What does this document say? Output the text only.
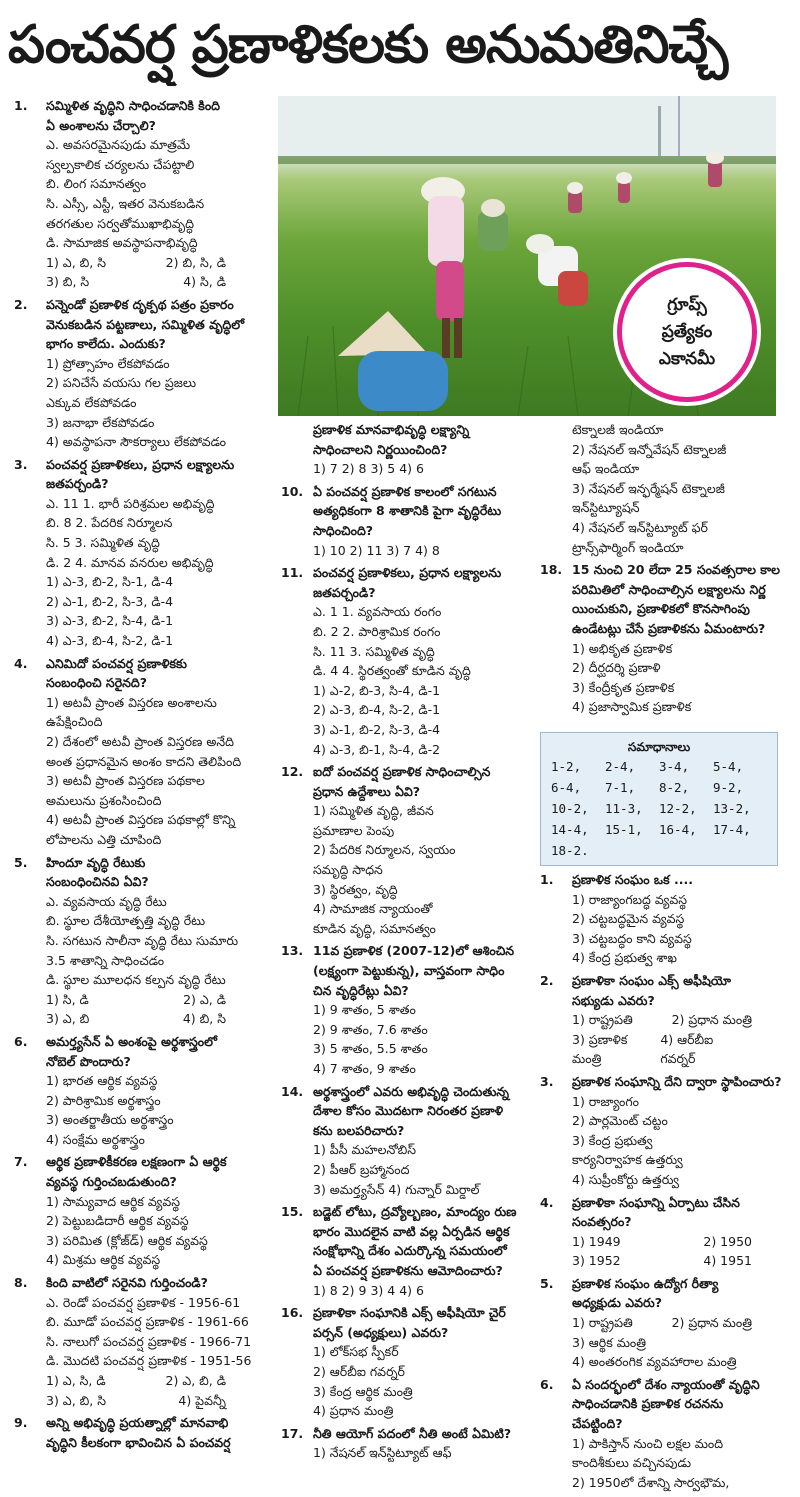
పంచవర్ష ప్రణాళికలకు అనుమతినిచ్చే
గ్రూప్స్
ప్రత్యేకం
ఎకానమీ
1.	సమ్మిళిత వృద్ధిని సాధించడానికి కింది
ఏ అంశాలను చేర్చాలి?
ఎ. అవసరమైనపుడు మాత్రమే
స్వల్పకాలిక చర్యలను చేపట్టాలి
బి. లింగ సమానత్వం
సి. ఎస్సీ, ఎస్టీ, ఇతర వెనుకబడిన
తరగతుల సర్వతోముఖాభివృద్ధి
డి. సామాజిక అవస్థాపనాభివృద్ధి
1) ఎ, బి, సి	2) బి, సి, డి
3) బి, సి	4) సి, డి
2.	పన్నెండో ప్రణాళిక దృక్పథ పత్రం ప్రకారం
వెనుకబడిన పట్టణాలు, సమ్మిళిత వృద్ధిలో
భాగం కాలేదు. ఎందుకు?
1) ప్రోత్సాహం లేకపోవడం
2) పనిచేసే వయసు గల ప్రజలు
ఎక్కువ లేకపోవడం
3) జనాభా లేకపోవడం
4) అవస్థాపనా సౌకర్యాలు లేకపోవడం
3.	పంచవర్ష ప్రణాళికలు, ప్రధాన లక్ష్యాలను
జతపర్చండి?
ఎ. 11 1. భారీ పరిశ్రమల అభివృద్ధి
బి. 8 2. పేదరిక నిర్మూలన
సి. 5 3. సమ్మిళిత వృద్ధి
డి. 2 4. మానవ వనరుల అభివృద్ధి
1) ఎ-3, బి-2, సి-1, డి-4
2) ఎ-1, బి-2, సి-3, డి-4
3) ఎ-3, బి-2, సి-4, డి-1
4) ఎ-3, బి-4, సి-2, డి-1
4.	ఎనిమిదో పంచవర్ష ప్రణాళికకు
సంబంధించి సరైనది?
1) అటవీ ప్రాంత విస్తరణ అంశాలను
ఉపేక్షించింది
2) దేశంలో అటవీ ప్రాంత విస్తరణ అనేది
అంత ప్రధానమైన అంశం కాదని తెలిపింది
3) అటవీ ప్రాంత విస్తరణ పథకాల
అమలును ప్రశంసించింది
4) అటవీ ప్రాంత విస్తరణ పథకాల్లో కొన్ని
లోపాలను ఎత్తి చూపింది
5.	హిందూ వృద్ధి రేటుకు
సంబంధించినవి ఏవి?
ఎ. వ్యవసాయ వృద్ధి రేటు
బి. స్థూల దేశీయోత్పత్తి వృద్ధి రేటు
సి. సగటున సాలీనా వృద్ధి రేటు సుమారు
3.5 శాతాన్ని సాధించడం
డి. స్థూల మూలధన కల్పన వృద్ధి రేటు
1) సి, డి	2) ఎ, డి
3) ఎ, బి	4) బి, సి
6.	అమర్త్యసేన్ ఏ అంశంపై అర్థశాస్త్రంలో
నోబెల్ పొందారు?
1) భారత ఆర్థిక వ్యవస్థ
2) పారిశ్రామిక అర్థశాస్త్రం
3) అంతర్జాతీయ అర్థశాస్త్రం
4) సంక్షేమ అర్థశాస్త్రం
7.	ఆర్థిక ప్రణాళికీకరణ లక్షణంగా ఏ ఆర్థిక
వ్యవస్థ గుర్తించబడుతుంది?
1) సామ్యవాద ఆర్థిక వ్యవస్థ
2) పెట్టుబడిదారీ ఆర్థిక వ్యవస్థ
3) పరిమిత (క్లోజ్‌డ్) ఆర్థిక వ్యవస్థ
4) మిశ్రమ ఆర్థిక వ్యవస్థ
8.	కింది వాటిలో సరైనవి గుర్తించండి?
ఎ. రెండో పంచవర్ష ప్రణాళిక - 1956-61
బి. మూడో పంచవర్ష ప్రణాళిక - 1961-66
సి. నాలుగో పంచవర్ష ప్రణాళిక - 1966-71
డి. మొదటి పంచవర్ష ప్రణాళిక - 1951-56
1) ఎ, సి, డి	2) ఎ, బి, డి
3) ఎ, బి, సి	4) పైవన్నీ
9.	అన్ని అభివృద్ధి ప్రయత్నాల్లో మానవాభి
వృద్ధిని కీలకంగా భావించిన ఏ పంచవర్ష
ప్రణాళిక మానవాభివృద్ధి లక్ష్యాన్ని
సాధించాలని నిర్ణయించింది?
1) 7 2) 8 3) 5 4) 6
10. ఏ పంచవర్ష ప్రణాళిక కాలంలో సగటున
అత్యధికంగా 8 శాతానికి పైగా వృద్ధిరేటు
సాధించింది?
1) 10 2) 11 3) 7 4) 8
11. పంచవర్ష ప్రణాళికలు, ప్రధాన లక్ష్యాలను
జతపర్చండి?
ఎ. 1 1. వ్యవసాయ రంగం
బి. 2 2. పారిశ్రామిక రంగం
సి. 11 3. సమ్మిళిత వృద్ధి
డి. 4 4. స్థిరత్వంతో కూడిన వృద్ధి
1) ఎ-2, బి-3, సి-4, డి-1
2) ఎ-3, బి-4, సి-2, డి-1
3) ఎ-1, బి-2, సి-3, డి-4
4) ఎ-3, బి-1, సి-4, డి-2
12. ఐదో పంచవర్ష ప్రణాళిక సాధించాల్సిన
ప్రధాన ఉద్దేశాలు ఏవి?
1) సమ్మిళిత వృద్ధి, జీవన
ప్రమాణాల పెంపు
2) పేదరిక నిర్మూలన, స్వయం
సమృద్ధి సాధన
3) స్థిరత్వం, వృద్ధి
4) సామాజిక న్యాయంతో
కూడిన వృద్ధి, సమానత్వం
13. 11వ ప్రణాళిక (2007-12)లో ఆశించిన
(లక్ష్యంగా పెట్టుకున్న), వాస్తవంగా సాధిం
చిన వృద్ధిరేట్లు ఏవి?
1) 9 శాతం, 5 శాతం
2) 9 శాతం, 7.6 శాతం
3) 5 శాతం, 5.5 శాతం
4) 7 శాతం, 9 శాతం
14. అర్థశాస్త్రంలో ఎవరు అభివృద్ధి చెందుతున్న
దేశాల కోసం మొదటగా నిరంతర ప్రణాళి
కను బలపరిచారు?
1) పీసీ మహలనోబిస్
2) పీఆర్ బ్రహ్మానంద
3) అమర్త్యసేన్ 4) గున్నార్ మిర్డాల్
15. బడ్జెట్ లోటు, ద్రవ్యోల్బణం, మాంద్యం రుణ
భారం మొదలైన వాటి వల్ల ఏర్పడిన ఆర్థిక
సంక్షోభాన్ని దేశం ఎదుర్కొన్న సమయంలో
ఏ పంచవర్ష ప్రణాళికను ఆమోదించారు?
1) 8 2) 9 3) 4 4) 6
16. ప్రణాళికా సంఘానికి ఎక్స్ అఫీషియో చైర్
పర్సన్ (అధ్యక్షులు) ఎవరు?
1) లోక్‌సభ స్పీకర్
2) ఆర్‌బీఐ గవర్నర్
3) కేంద్ర ఆర్థిక మంత్రి
4) ప్రధాన మంత్రి
17. నీతి ఆయోగ్ పదంలో నీతి అంటే ఏమిటి?
1) నేషనల్ ఇన్‌స్టిట్యూట్ ఆఫ్
టెక్నాలజీ ఇండియా
2) నేషనల్ ఇన్నోవేషన్ టెక్నాలజీ
ఆఫ్ ఇండియా
3) నేషనల్ ఇన్ఫర్మేషన్ టెక్నాలజీ
ఇన్‌స్టిట్యూషన్
4) నేషనల్ ఇన్‌స్టిట్యూట్ ఫర్
ట్రాన్స్‌ఫార్మింగ్ ఇండియా
18. 15 నుంచి 20 లేదా 25 సంవత్సరాల కాల
పరిమితిలో సాధించాల్సిన లక్ష్యాలను నిర్ణ
యించుకుని, ప్రణాళికలో కొనసాగింపు
ఉండేటట్లు చేసే ప్రణాళికను ఏమంటారు?
1) అభికృత ప్రణాళిక
2) దీర్ఘదర్శి ప్రణాళి
3) కేంద్రీకృత ప్రణాళిక
4) ప్రజాస్వామిక ప్రణాళిక
1.	ప్రణాళిక సంఘం ఒక ....
1) రాజ్యాంగబద్ధ వ్యవస్థ
2) చట్టబద్ధమైన వ్యవస్థ
3) చట్టబద్ధం కాని వ్యవస్థ
4) కేంద్ర ప్రభుత్వ శాఖ
2.	ప్రణాళికా సంఘం ఎక్స్ అఫీషియో
సభ్యుడు ఎవరు?
1) రాష్ట్రపతి	2) ప్రధాన మంత్రి
3) ప్రణాళిక మంత్రి
4) ఆర్‌బీఐ గవర్నర్
3.	ప్రణాళిక సంఘాన్ని దేని ద్వారా స్థాపించారు?
1) రాజ్యాంగం
2) పార్లమెంట్ చట్టం
3) కేంద్ర ప్రభుత్వ
కార్యనిర్వాహక ఉత్తర్వు
4) సుప్రీంకోర్టు ఉత్తర్వు
4.	ప్రణాళికా సంఘాన్ని ఏర్పాటు చేసిన
సంవత్సరం?
1) 1949	2) 1950
3) 1952	4) 1951
5.	ప్రణాళిక సంఘం ఉద్యోగ రీత్యా
అధ్యక్షుడు ఎవరు?
1) రాష్ట్రపతి	2) ప్రధాన మంత్రి
3) ఆర్థిక మంత్రి
4) అంతరంగిక వ్యవహారాల మంత్రి
6.	ఏ సందర్భంలో దేశం న్యాయంతో వృద్ధిని
సాధించడానికి ప్రణాళిక రచనను
చేపట్టింది?
1) పాకిస్తాన్ నుంచి లక్షల మంది
కాందిశీకులు వచ్చినపుడు
2) 1950లో దేశాన్ని సార్వభౌమ,
సమాధానాలు
1-2,	2-4,	3-4,	5-4,
6-4,	7-1,	8-2,	9-2,
10-2,	11-3,	12-2,	13-2,
14-4,	15-1,	16-4,	17-4,
18-2.
